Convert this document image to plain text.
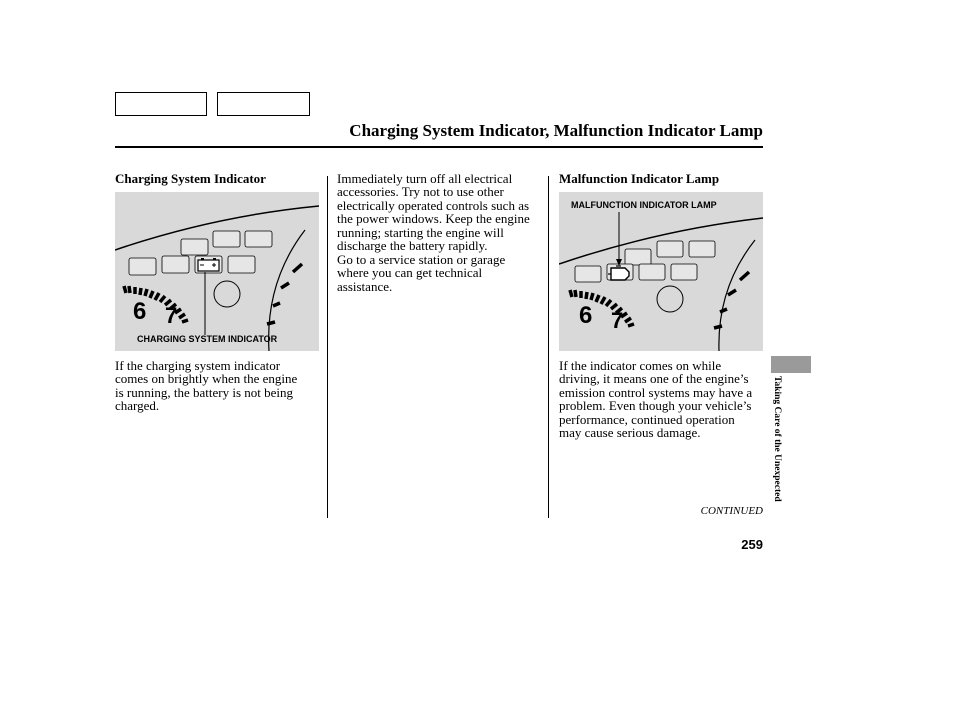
Charging System Indicator, Malfunction Indicator Lamp
Charging System Indicator
6 7

CHARGING SYSTEM INDICATOR

If the charging system indicator
comes on brightly when the engine
is running, the battery is not being
charged.

Immediately turn off all electrical
accessories. Try not to use other
electrically operated controls such as
the power windows. Keep the engine
running; starting the engine will
discharge the battery rapidly.

Go to a service station or garage
where you can get technical
assistance.

Malfunction Indicator Lamp
6 7

MALFUNCTION INDICATOR LAMP

If the indicator comes on while
driving, it means one of the engine’s
emission control systems may have a
problem. Even though your vehicle’s
performance, continued operation
may cause serious damage.	Taking Care of the Unexpected

CONTINUED

259
